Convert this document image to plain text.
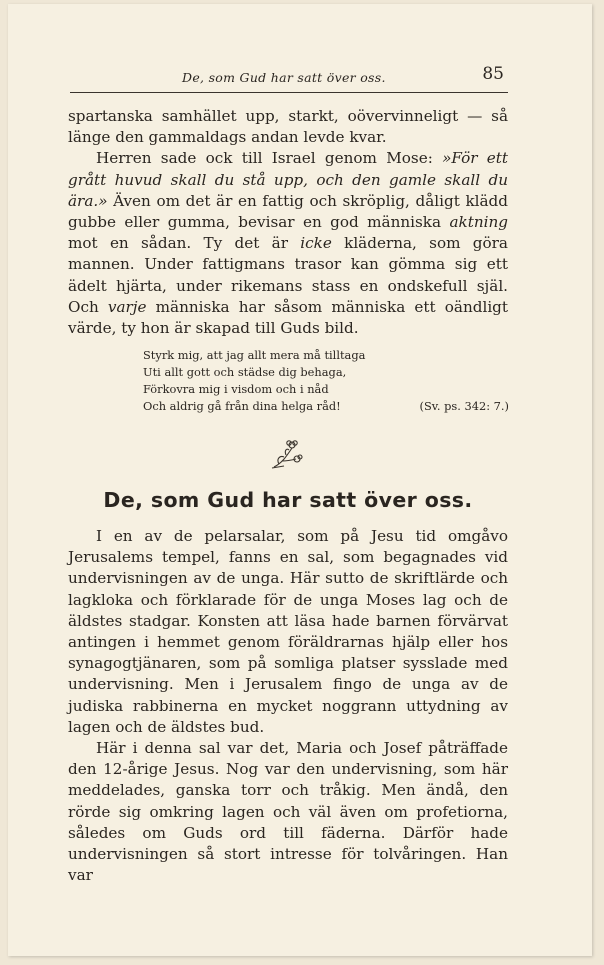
De, som Gud har satt över oss.	85

spartanska samhället upp, starkt, oövervinneligt — så länge den gammaldags andan levde kvar.

Herren sade ock till Israel genom Mose: »För ett grått huvud skall du stå upp, och den gamle skall du ära.» Även om det är en fattig och skröplig, dåligt klädd gubbe eller gumma, bevisar en god människa aktning mot en sådan. Ty det är icke kläderna, som göra mannen. Under fattigmans trasor kan gömma sig ett ädelt hjärta, under rikemans stass en ondskefull själ. Och varje människa har såsom människa ett oändligt värde, ty hon är skapad till Guds bild.

Styrk mig, att jag allt mera må tilltaga
Uti allt gott och städse dig behaga,
Förkovra mig i visdom och i nåd
Och aldrig gå från dina helga råd!	(Sv. ps. 342: 7.)
De, som Gud har satt över oss.

I en av de pelarsalar, som på Jesu tid omgåvo Jerusalems tempel, fanns en sal, som begagnades vid undervisningen av de unga. Här sutto de skriftlärde och lagkloka och förklarade för de unga Moses lag och de äldstes stadgar. Konsten att läsa hade barnen förvärvat antingen i hemmet genom föräldrarnas hjälp eller hos synagogtjänaren, som på somliga platser sysslade med undervisning. Men i Jerusalem fingo de unga av de judiska rabbinerna en mycket noggrann uttydning av lagen och de äldstes bud.

Här i denna sal var det, Maria och Josef påträffade den 12-årige Jesus. Nog var den undervisning, som här meddelades, ganska torr och tråkig. Men ändå, den rörde sig omkring lagen och väl även om profetiorna, således om Guds ord till fäderna. Därför hade undervisningen så stort intresse för tolvåringen. Han var
